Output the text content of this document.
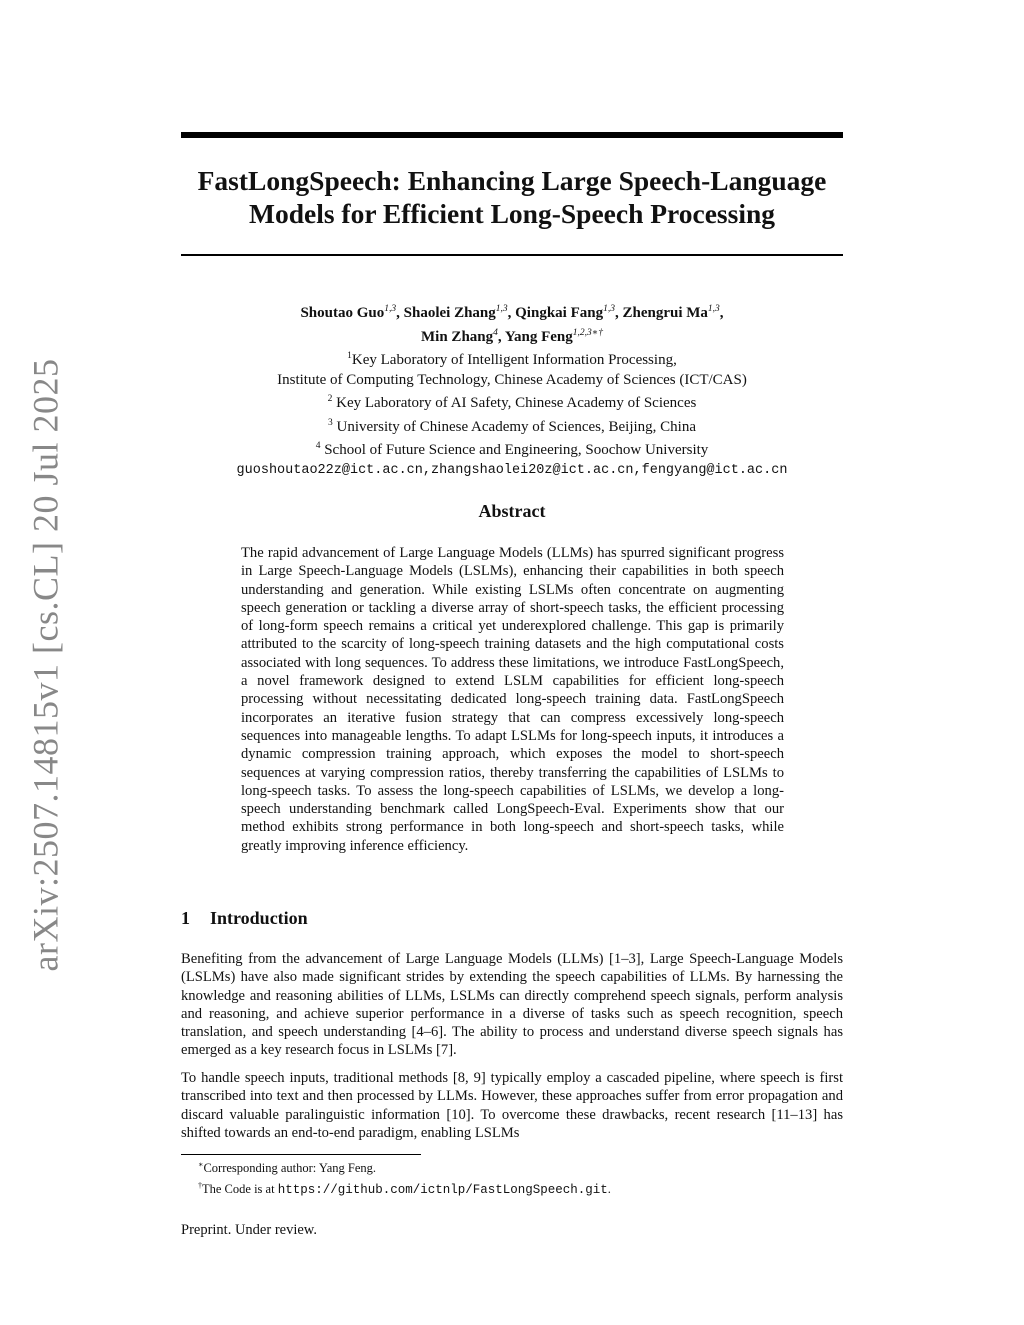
arXiv:2507.14815v1 [cs.CL] 20 Jul 2025
FastLongSpeech: Enhancing Large Speech-Language Models for Efficient Long-Speech Processing
Shoutao Guo$^{1,3}$, Shaolei Zhang$^{1,3}$, Qingkai Fang$^{1,3}$, Zhengrui Ma$^{1,3}$,
Min Zhang$^4$, Yang Feng$^{1,2,3∗\dagger}$
$^1$Key Laboratory of Intelligent Information Processing,
Institute of Computing Technology, Chinese Academy of Sciences (ICT/CAS)
$^2$ Key Laboratory of AI Safety, Chinese Academy of Sciences
$^3$ University of Chinese Academy of Sciences, Beijing, China
$^4$ School of Future Science and Engineering, Soochow University
guoshoutao22z@ict.ac.cn,zhangshaolei20z@ict.ac.cn,fengyang@ict.ac.cn
Abstract
The rapid advancement of Large Language Models (LLMs) has spurred significant progress in Large Speech-Language Models (LSLMs), enhancing their capabilities in both speech understanding and generation. While existing LSLMs often concentrate on augmenting speech generation or tackling a diverse array of short-speech tasks, the efficient processing of long-form speech remains a critical yet underexplored challenge. This gap is primarily attributed to the scarcity of long-speech training datasets and the high computational costs associated with long sequences. To address these limitations, we introduce FastLongSpeech, a novel framework designed to extend LSLM capabilities for efficient long-speech processing without necessitating dedicated long-speech training data. FastLongSpeech incorporates an iterative fusion strategy that can compress excessively long-speech sequences into manageable lengths. To adapt LSLMs for long-speech inputs, it introduces a dynamic compression training approach, which exposes the model to short-speech sequences at varying compression ratios, thereby transferring the capabilities of LSLMs to long-speech tasks. To assess the long-speech capabilities of LSLMs, we develop a long-speech understanding benchmark called LongSpeech-Eval. Experiments show that our method exhibits strong performance in both long-speech and short-speech tasks, while greatly improving inference efficiency.
1 Introduction

Benefiting from the advancement of Large Language Models (LLMs) [1–3], Large Speech-Language Models (LSLMs) have also made significant strides by extending the speech capabilities of LLMs. By harnessing the knowledge and reasoning abilities of LLMs, LSLMs can directly comprehend speech signals, perform analysis and reasoning, and achieve superior performance in a diverse of tasks such as speech recognition, speech translation, and speech understanding [4–6]. The ability to process and understand diverse speech signals has emerged as a key research focus in LSLMs [7].

To handle speech inputs, traditional methods [8, 9] typically employ a cascaded pipeline, where speech is first transcribed into text and then processed by LLMs. However, these approaches suffer from error propagation and discard valuable paralinguistic information [10]. To overcome these drawbacks, recent research [11–13] has shifted towards an end-to-end paradigm, enabling LSLMs

∗Corresponding author: Yang Feng.
†The Code is at https://github.com/ictnlp/FastLongSpeech.git.
Preprint. Under review.
